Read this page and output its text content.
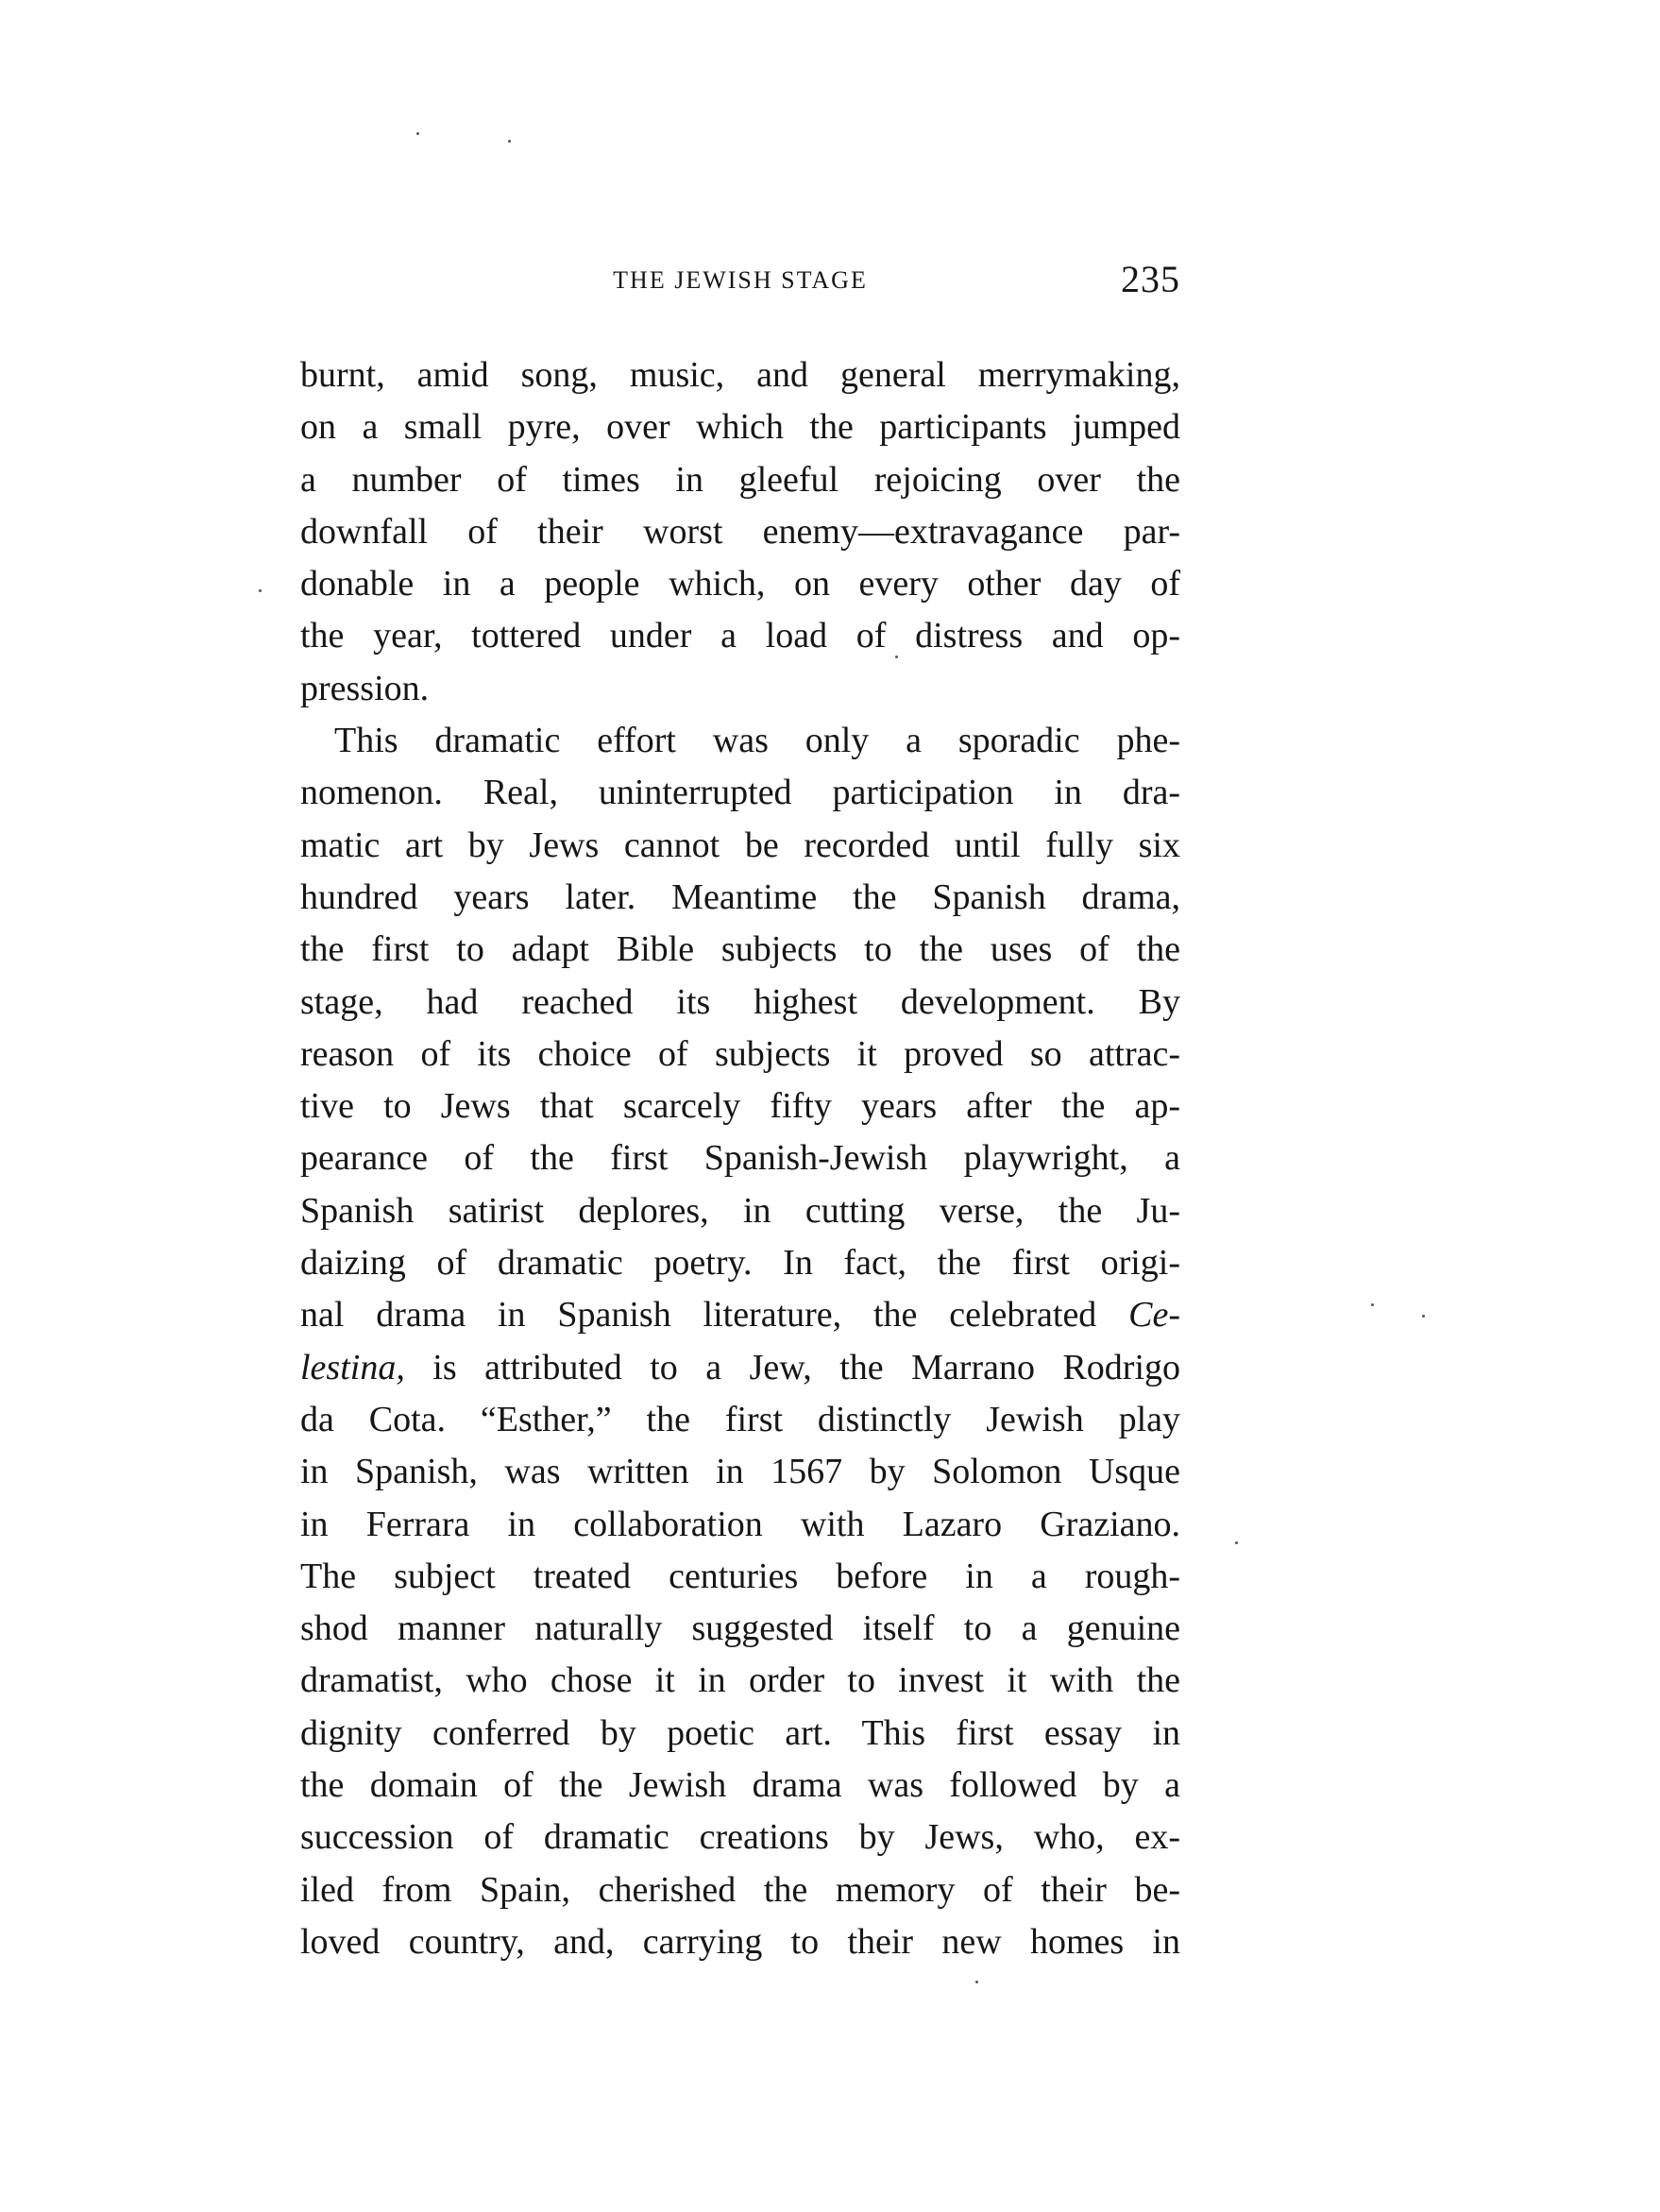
THE JEWISH STAGE	235
burnt, amid song, music, and general merrymaking,
on a small pyre, over which the participants jumped
a number of times in gleeful rejoicing over the
downfall of their worst enemy—extravagance par-
donable in a people which, on every other day of
the year, tottered under a load of distress and op-
pression.
This dramatic effort was only a sporadic phe-
nomenon. Real, uninterrupted participation in dra-
matic art by Jews cannot be recorded until fully six
hundred years later. Meantime the Spanish drama,
the first to adapt Bible subjects to the uses of the
stage, had reached its highest development. By
reason of its choice of subjects it proved so attrac-
tive to Jews that scarcely fifty years after the ap-
pearance of the first Spanish-Jewish playwright, a
Spanish satirist deplores, in cutting verse, the Ju-
daizing of dramatic poetry. In fact, the first origi-
nal drama in Spanish literature, the celebrated Ce-
lestina, is attributed to a Jew, the Marrano Rodrigo
da Cota. “Esther,” the first distinctly Jewish play
in Spanish, was written in 1567 by Solomon Usque
in Ferrara in collaboration with Lazaro Graziano.
The subject treated centuries before in a rough-
shod manner naturally suggested itself to a genuine
dramatist, who chose it in order to invest it with the
dignity conferred by poetic art. This first essay in
the domain of the Jewish drama was followed by a
succession of dramatic creations by Jews, who, ex-
iled from Spain, cherished the memory of their be-
loved country, and, carrying to their new homes in
